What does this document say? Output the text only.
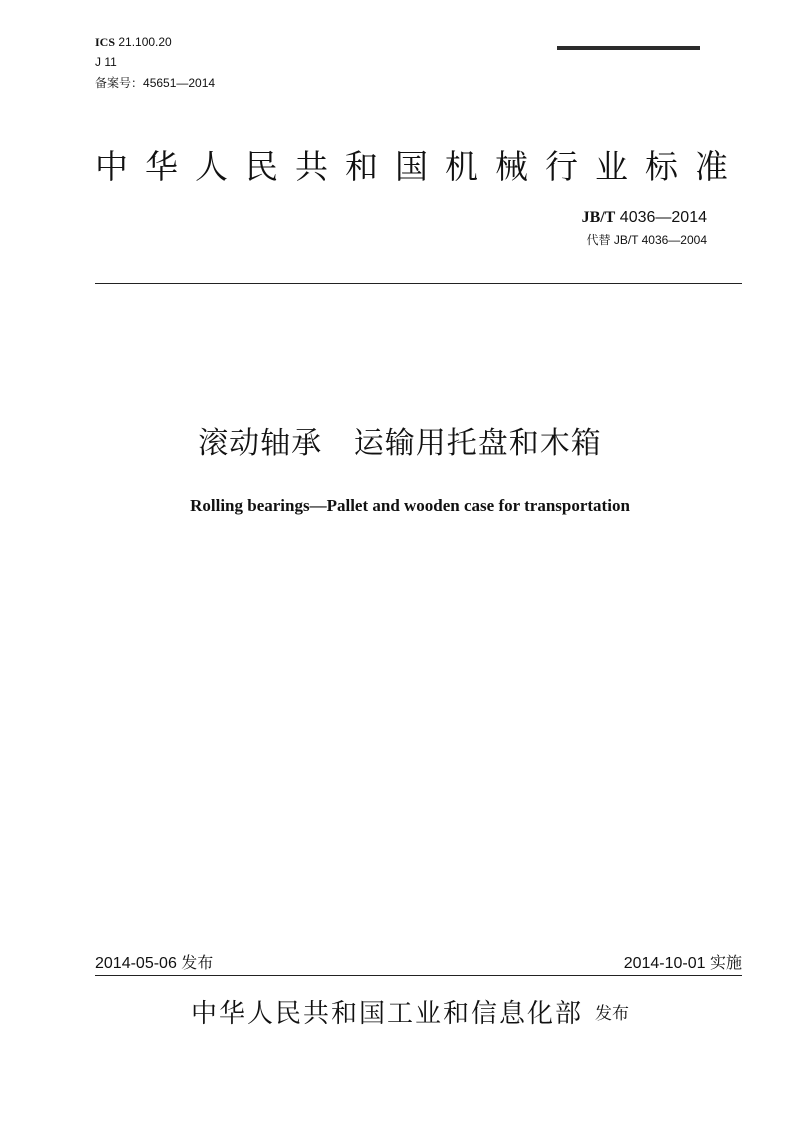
ICS 21.100.20
J 11
备案号：45651—2014
中华人民共和国机械行业标准
JB/T 4036—2014
代替 JB/T 4036—2004
滚动轴承   运输用托盘和木箱
Rolling bearings—Pallet and wooden case for transportation
2014-05-06 发布	2014-10-01 实施
中华人民共和国工业和信息化部 发布
